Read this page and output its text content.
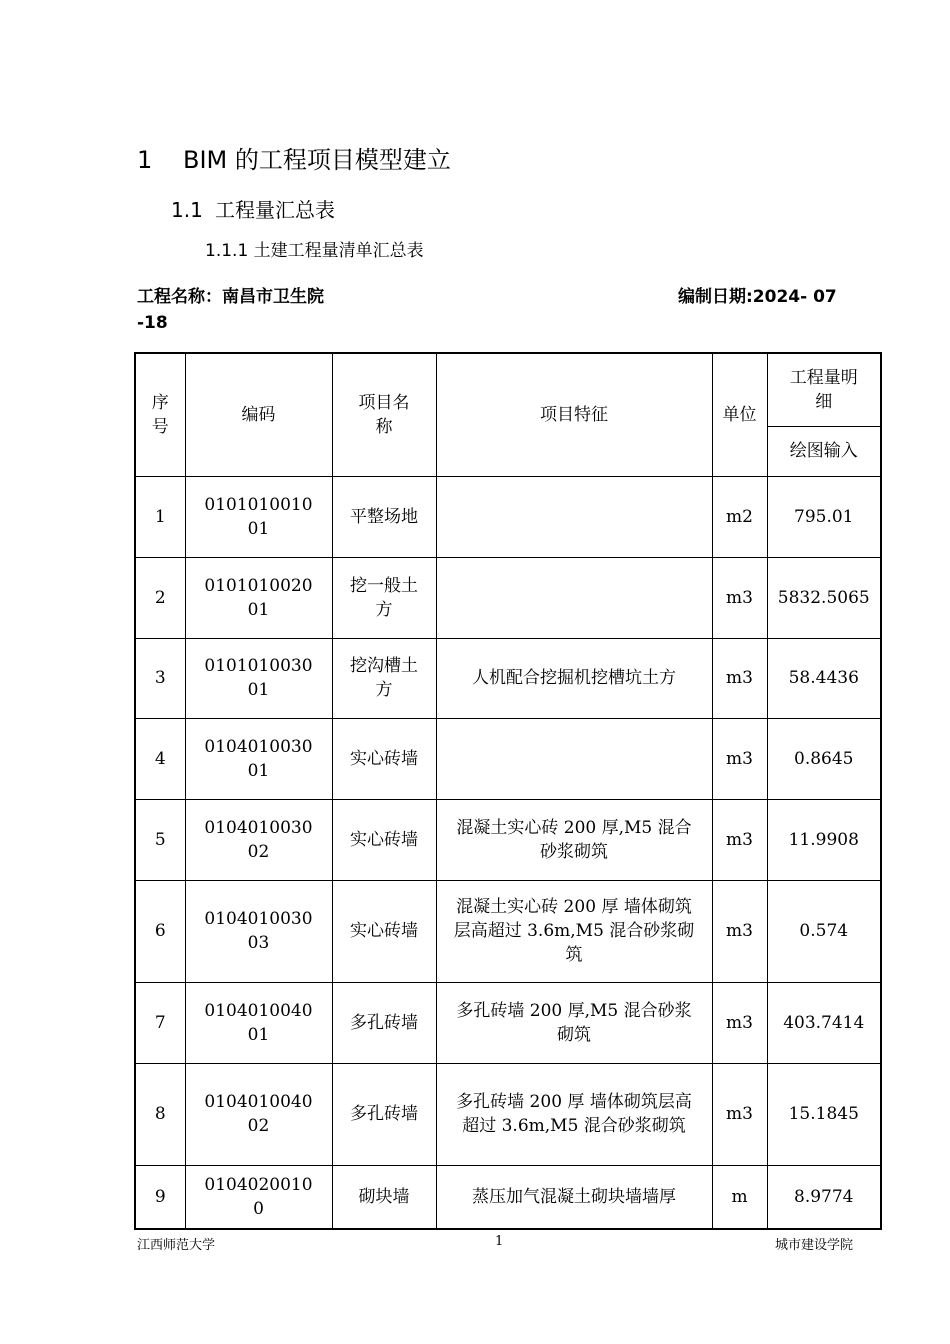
1 BIM 的工程项目模型建立
1.1 工程量汇总表
1.1.1 土建工程量清单汇总表
工程名称：南昌市卫生院	编制日期:2024- 07
-18
序号	编码	项目名称	项目特征	单位	工程量明细
					绘图输入
1	010101001001	平整场地		m2	795.01
2	010101002001	挖一般土方		m3	5832.5065
3	010101003001	挖沟槽土方	人机配合挖掘机挖槽坑土方	m3	58.4436
4	010401003001	实心砖墙		m3	0.8645
5	010401003002	实心砖墙	混凝土实心砖 200 厚,M5 混合砂浆砌筑	m3	11.9908
6	010401003003	实心砖墙	混凝土实心砖 200 厚 墙体砌筑层高超过 3.6m,M5 混合砂浆砌筑	m3	0.574
7	010401004001	多孔砖墙	多孔砖墙 200 厚,M5 混合砂浆砌筑	m3	403.7414
8	010401004002	多孔砖墙	多孔砖墙 200 厚 墙体砌筑层高超过 3.6m,M5 混合砂浆砌筑	m3	15.1845
9	01040200100	砌块墙	蒸压加气混凝土砌块墙墙厚	m	8.9774
江西师范大学	1	城市建设学院
